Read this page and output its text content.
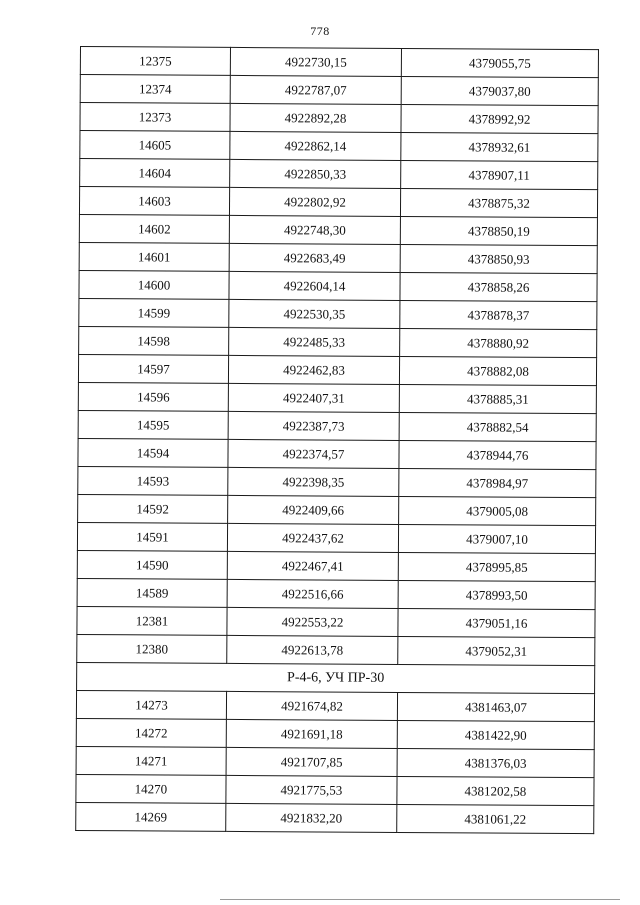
778
12375	4922730,15	4379055,75
12374	4922787,07	4379037,80
12373	4922892,28	4378992,92
14605	4922862,14	4378932,61
14604	4922850,33	4378907,11
14603	4922802,92	4378875,32
14602	4922748,30	4378850,19
14601	4922683,49	4378850,93
14600	4922604,14	4378858,26
14599	4922530,35	4378878,37
14598	4922485,33	4378880,92
14597	4922462,83	4378882,08
14596	4922407,31	4378885,31
14595	4922387,73	4378882,54
14594	4922374,57	4378944,76
14593	4922398,35	4378984,97
14592	4922409,66	4379005,08
14591	4922437,62	4379007,10
14590	4922467,41	4378995,85
14589	4922516,66	4378993,50
12381	4922553,22	4379051,16
12380	4922613,78	4379052,31
Р-4-6, УЧ ПР-30		
14273	4921674,82	4381463,07
14272	4921691,18	4381422,90
14271	4921707,85	4381376,03
14270	4921775,53	4381202,58
14269	4921832,20	4381061,22
